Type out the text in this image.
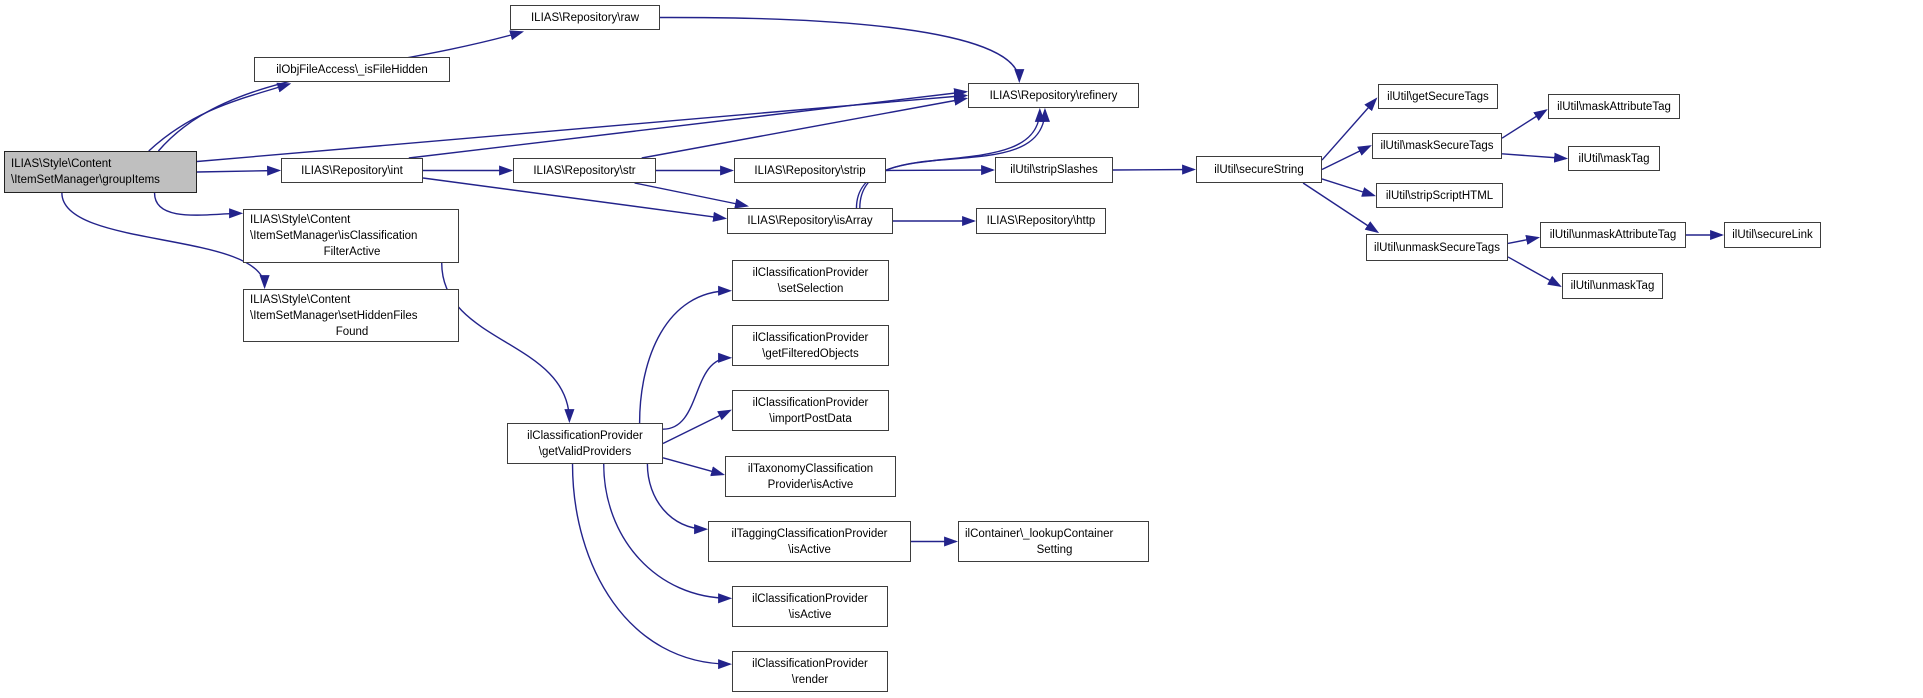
ILIAS\Style\Content
\ItemSetManager\groupItems
ilObjFileAccess\_isFileHidden
ILIAS\Repository\raw
ILIAS\Repository\refinery
ILIAS\Repository\int	ILIAS\Repository\str	ILIAS\Repository\strip	ilUtil\stripSlashes	ilUtil\secureString
ILIAS\Repository\isArray	ILIAS\Repository\http
ILIAS\Style\Content
\ItemSetManager\isClassification
FilterActive
ILIAS\Style\Content
\ItemSetManager\setHiddenFiles
Found
ilClassificationProvider
\getValidProviders
ilClassificationProvider
\setSelection
ilClassificationProvider
\getFilteredObjects
ilClassificationProvider
\importPostData
ilTaxonomyClassification
Provider\isActive
ilTaggingClassificationProvider
\isActive
ilContainer\_lookupContainer
Setting
ilClassificationProvider
\isActive
ilClassificationProvider
\render
ilUtil\getSecureTags
ilUtil\maskSecureTags
ilUtil\maskAttributeTag
ilUtil\maskTag
ilUtil\stripScriptHTML
ilUtil\unmaskSecureTags
ilUtil\unmaskAttributeTag	ilUtil\secureLink
ilUtil\unmaskTag
